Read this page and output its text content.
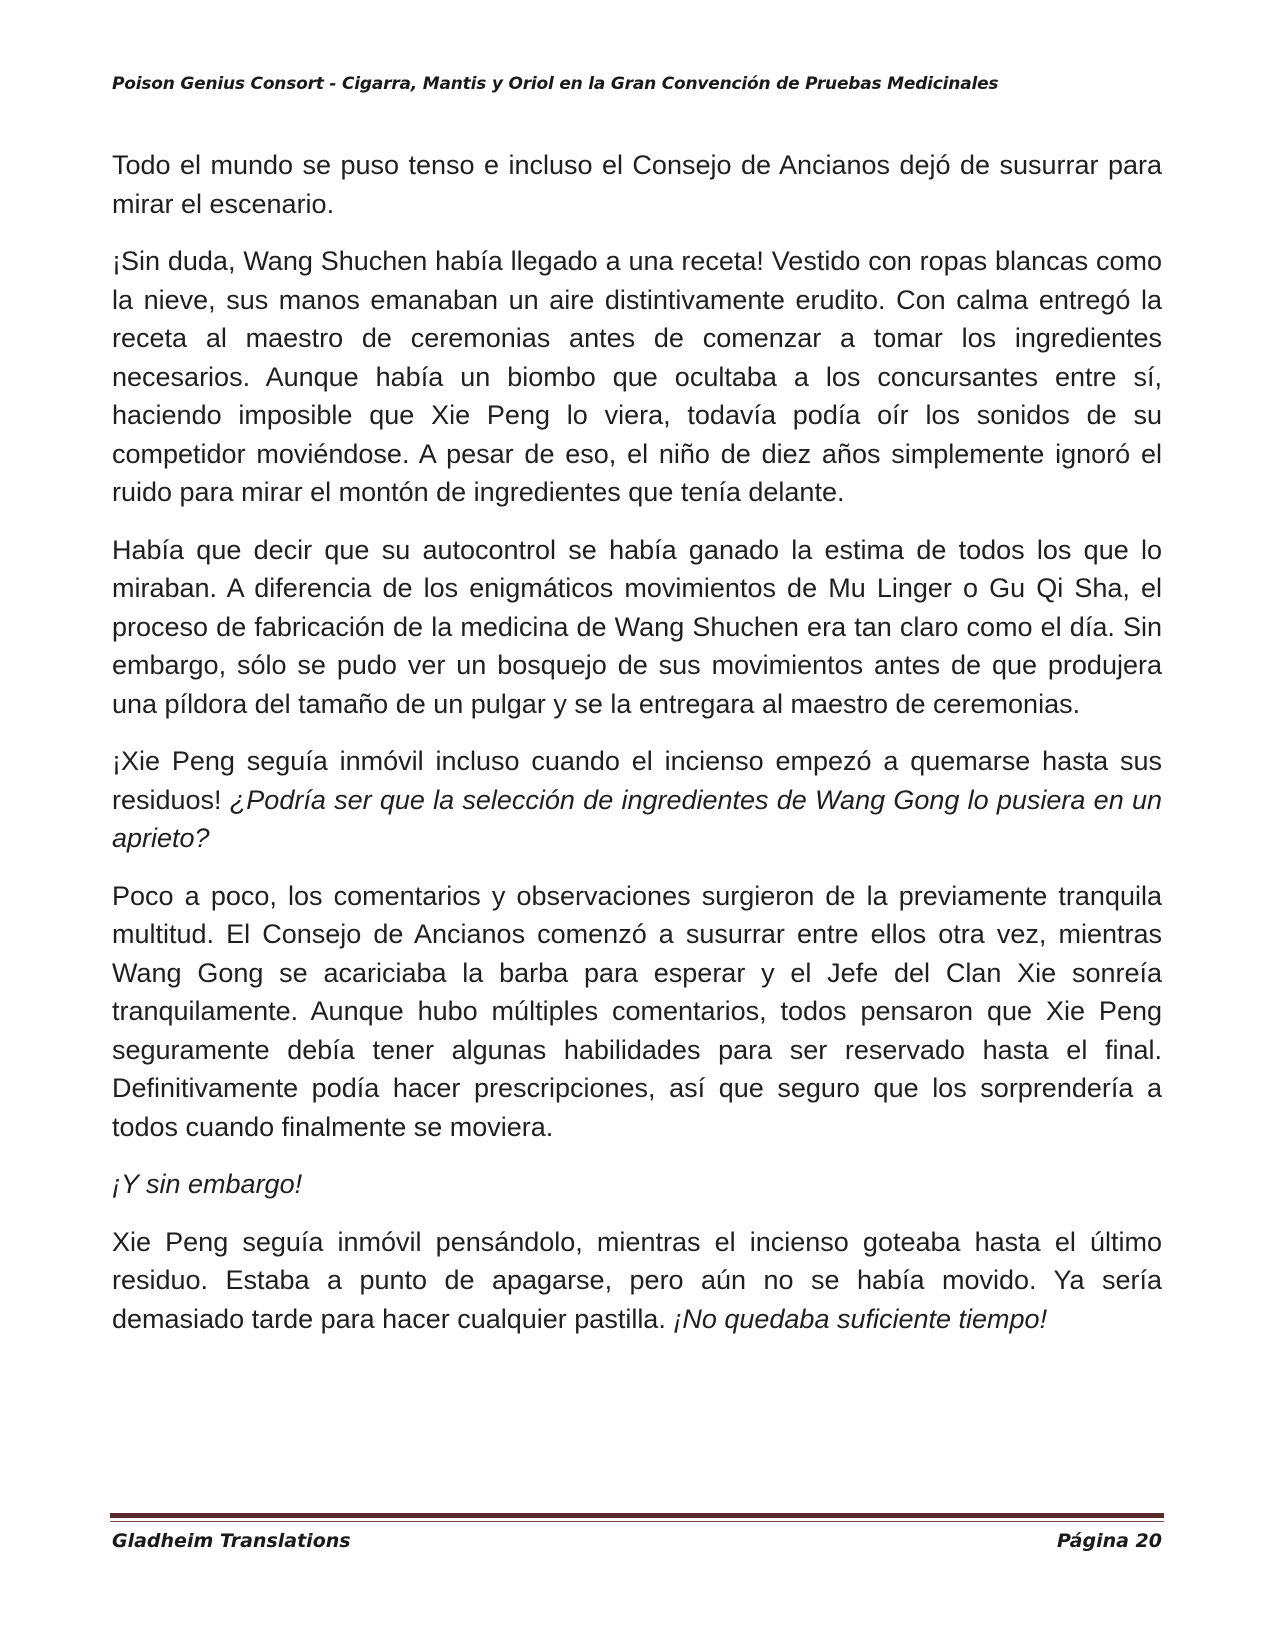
Poison Genius Consort - Cigarra, Mantis y Oriol en la Gran Convención de Pruebas Medicinales

Todo el mundo se puso tenso e incluso el Consejo de Ancianos dejó de susurrar para mirar el escenario.

¡Sin duda, Wang Shuchen había llegado a una receta! Vestido con ropas blancas como la nieve, sus manos emanaban un aire distintivamente erudito. Con calma entregó la receta al maestro de ceremonias antes de comenzar a tomar los ingredientes necesarios. Aunque había un biombo que ocultaba a los concursantes entre sí, haciendo imposible que Xie Peng lo viera, todavía podía oír los sonidos de su competidor moviéndose. A pesar de eso, el niño de diez años simplemente ignoró el ruido para mirar el montón de ingredientes que tenía delante.

Había que decir que su autocontrol se había ganado la estima de todos los que lo miraban. A diferencia de los enigmáticos movimientos de Mu Linger o Gu Qi Sha, el proceso de fabricación de la medicina de Wang Shuchen era tan claro como el día. Sin embargo, sólo se pudo ver un bosquejo de sus movimientos antes de que produjera una píldora del tamaño de un pulgar y se la entregara al maestro de ceremonias.

¡Xie Peng seguía inmóvil incluso cuando el incienso empezó a quemarse hasta sus residuos! ¿Podría ser que la selección de ingredientes de Wang Gong lo pusiera en un aprieto?

Poco a poco, los comentarios y observaciones surgieron de la previamente tranquila multitud. El Consejo de Ancianos comenzó a susurrar entre ellos otra vez, mientras Wang Gong se acariciaba la barba para esperar y el Jefe del Clan Xie sonreía tranquilamente. Aunque hubo múltiples comentarios, todos pensaron que Xie Peng seguramente debía tener algunas habilidades para ser reservado hasta el final. Definitivamente podía hacer prescripciones, así que seguro que los sorprendería a todos cuando finalmente se moviera.

¡Y sin embargo!

Xie Peng seguía inmóvil pensándolo, mientras el incienso goteaba hasta el último residuo. Estaba a punto de apagarse, pero aún no se había movido. Ya sería demasiado tarde para hacer cualquier pastilla. ¡No quedaba suficiente tiempo!

Gladheim Translations	Página 20
